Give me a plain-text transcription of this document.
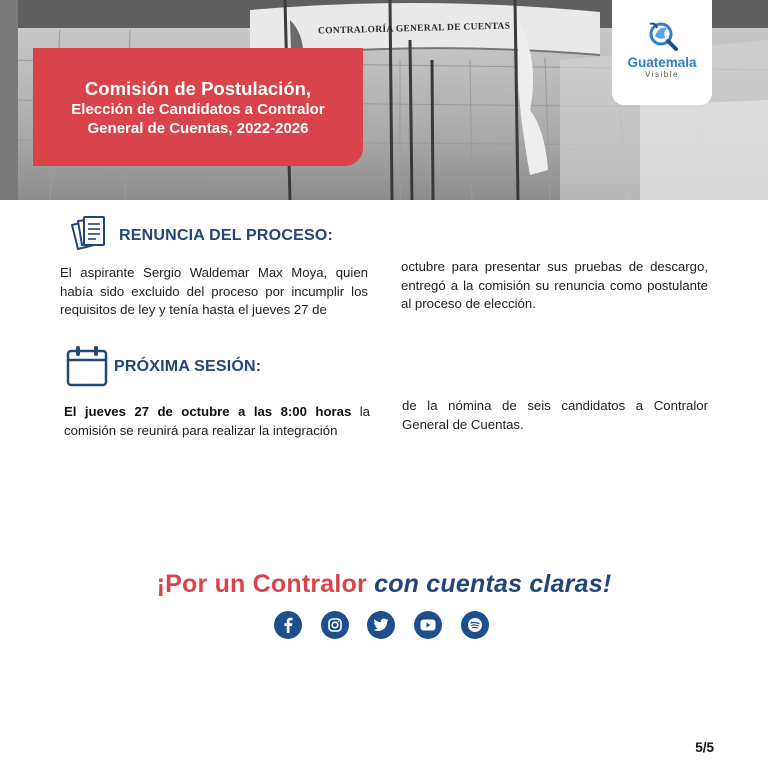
CONTRALORÍA GENERAL DE CUENTAS
Comisión de Postulación,
Elección de Candidatos a Contralor
General de Cuentas, 2022-2026
Guatemala
Visible
RENUNCIA DEL PROCESO:
El aspirante Sergio Waldemar Max Moya, quien había sido excluido del proceso por incumplir los requisitos de ley y tenía hasta el jueves 27 de
octubre para presentar sus pruebas de descargo, entregó a la comisión su renuncia como postulante al proceso de elección.
PRÓXIMA SESIÓN:
El jueves 27 de octubre a las 8:00 horas la comisión se reunirá para realizar la integración
de la nómina de seis candidatos a Contralor General de Cuentas.
¡Por un Contralor con cuentas claras!
5/5
